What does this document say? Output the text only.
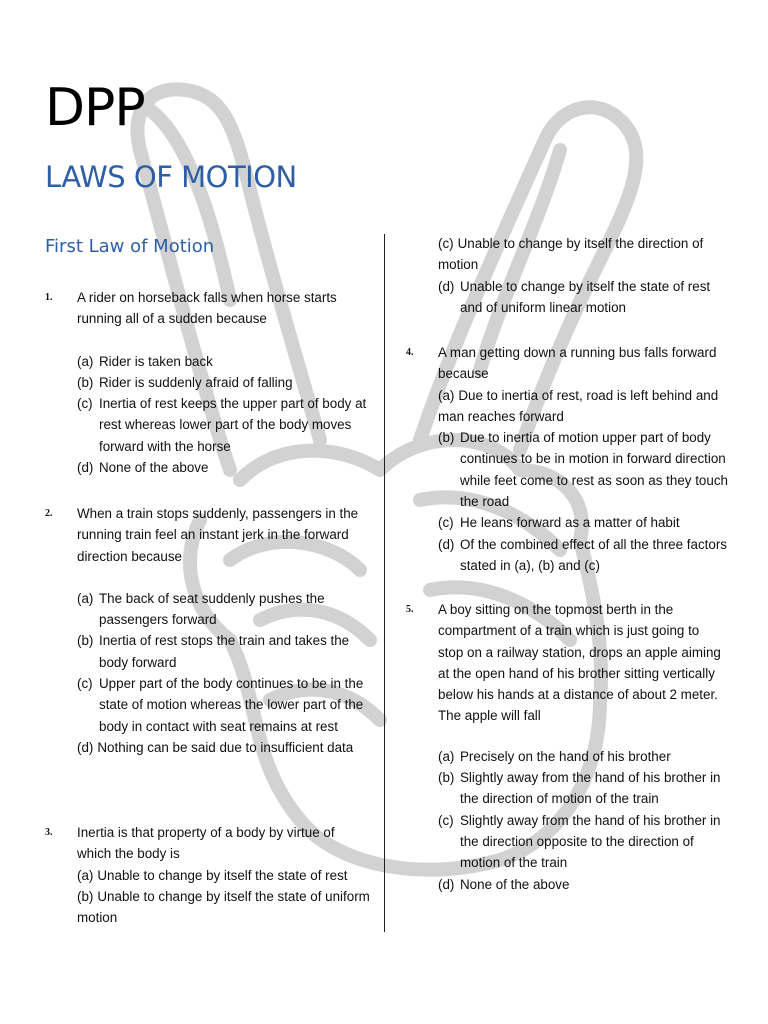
DPP
LAWS OF MOTION
First Law of Motion
1. A rider on horseback falls when horse starts running all of a sudden because

(a) Rider is taken back

(b) Rider is suddenly afraid of falling

(c) Inertia of rest keeps the upper part of body at rest whereas lower part of the body moves forward with the horse

(d) None of the above

2. When a train stops suddenly, passengers in the running train feel an instant jerk in the forward direction because

(a) The back of seat suddenly pushes the passengers forward

(b) Inertia of rest stops the train and takes the body forward

(c) Upper part of the body continues to be in the state of motion whereas the lower part of the body in contact with seat remains at rest

(d) Nothing can be said due to insufficient data

3. Inertia is that property of a body by virtue of which the body is

(a) Unable to change by itself the state of rest

(b) Unable to change by itself the state of uniform motion

(c) Unable to change by itself the direction of motion

(d) Unable to change by itself the state of rest and of uniform linear motion

4. A man getting down a running bus falls forward because

(a) Due to inertia of rest, road is left behind and man reaches forward

(b) Due to inertia of motion upper part of body continues to be in motion in forward direction while feet come to rest as soon as they touch the road

(c) He leans forward as a matter of habit

(d) Of the combined effect of all the three factors stated in (a), (b) and (c)

5. A boy sitting on the topmost berth in the compartment of a train which is just going to stop on a railway station, drops an apple aiming at the open hand of his brother sitting vertically below his hands at a distance of about 2 meter. The apple will fall

(a) Precisely on the hand of his brother

(b) Slightly away from the hand of his brother in the direction of motion of the train

(c) Slightly away from the hand of his brother in the direction opposite to the direction of motion of the train

(d) None of the above
